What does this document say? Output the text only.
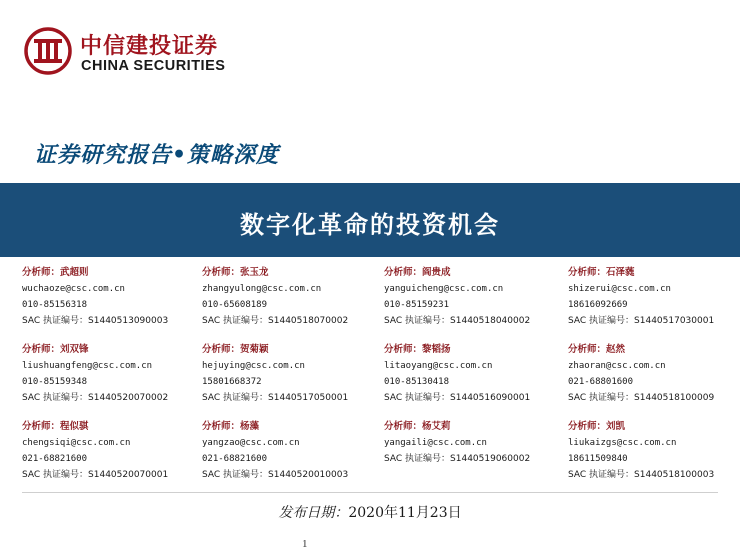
中信建投证券
CHINA SECURITIES
证券研究报告•策略深度
数字化革命的投资机会
分析师：武超则
wuchaoze@csc.com.cn
010-85156318
SAC 执证编号：S1440513090003
分析师：张玉龙
zhangyulong@csc.com.cn
010-65608189
SAC 执证编号：S1440518070002
分析师：阎贵成
yanguicheng@csc.com.cn
010-85159231
SAC 执证编号：S1440518040002
分析师：石泽蕤
shizerui@csc.com.cn
18616092669
SAC 执证编号：S1440517030001
分析师：刘双锋
liushuangfeng@csc.com.cn
010-85159348
SAC 执证编号：S1440520070002
分析师：贺菊颖
hejuying@csc.com.cn
15801668372
SAC 执证编号：S1440517050001
分析师：黎韬扬
litaoyang@csc.com.cn
010-85130418
SAC 执证编号：S1440516090001
分析师：赵然
zhaoran@csc.com.cn
021-68801600
SAC 执证编号：S1440518100009
分析师：程似骐
chengsiqi@csc.com.cn
021-68821600
SAC 执证编号：S1440520070001
分析师：杨藻
yangzao@csc.com.cn
021-68821600
SAC 执证编号：S1440520010003
分析师：杨艾莉
yangaili@csc.com.cn
SAC 执证编号：S1440519060002
分析师：刘凯
liukaizgs@csc.com.cn
18611509840
SAC 执证编号：S1440518100003
发布日期：2020年11月23日
1
